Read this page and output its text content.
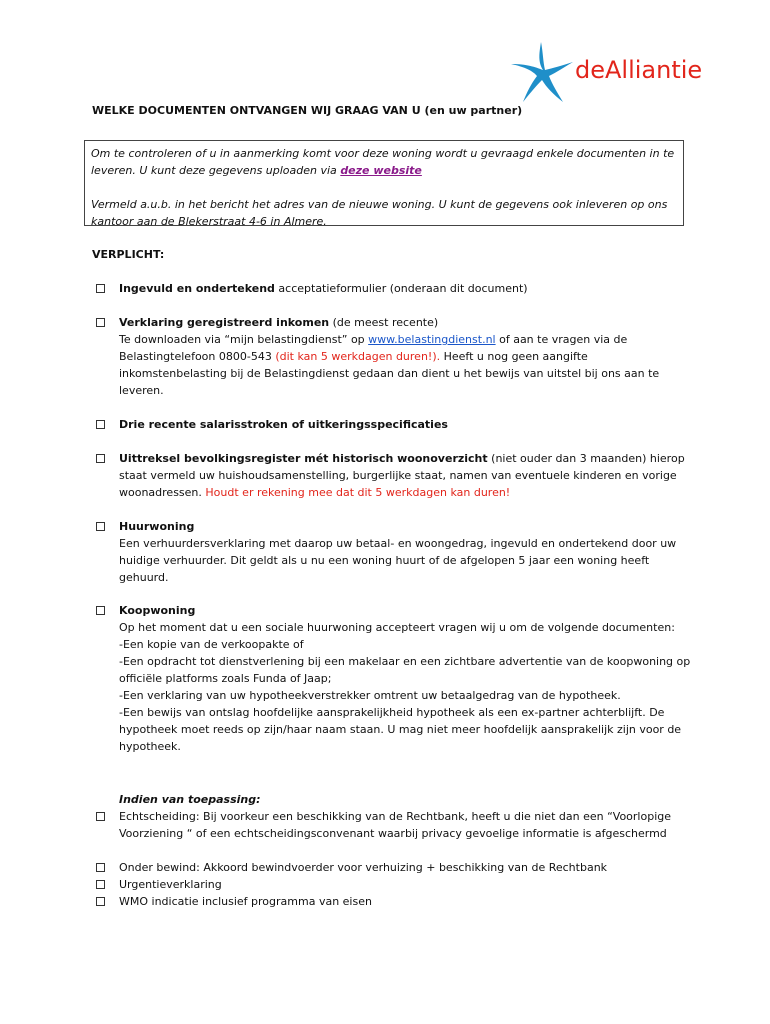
deAlliantie
WELKE DOCUMENTEN ONTVANGEN WIJ GRAAG VAN U (en uw partner)

Om te controleren of u in aanmerking komt voor deze woning wordt u gevraagd enkele documenten in te leveren. U kunt deze gegevens uploaden via deze website

Vermeld a.u.b. in het bericht het adres van de nieuwe woning. U kunt de gegevens ook inleveren op ons kantoor aan de Blekerstraat 4-6 in Almere.

VERPLICHT:
Ingevuld en ondertekend acceptatieformulier (onderaan dit document)
Verklaring geregistreerd inkomen (de meest recente)
Te downloaden via “mijn belastingdienst” op www.belastingdienst.nl of aan te vragen via de Belastingtelefoon 0800-543 (dit kan 5 werkdagen duren!). Heeft u nog geen aangifte inkomstenbelasting bij de Belastingdienst gedaan dan dient u het bewijs van uitstel bij ons aan te leveren.
Drie recente salarisstroken of uitkeringsspecificaties
Uittreksel bevolkingsregister mét historisch woonoverzicht (niet ouder dan 3 maanden) hierop staat vermeld uw huishoudsamenstelling, burgerlijke staat, namen van eventuele kinderen en vorige woonadressen. Houdt er rekening mee dat dit 5 werkdagen kan duren!
Huurwoning
Een verhuurdersverklaring met daarop uw betaal- en woongedrag, ingevuld en ondertekend door uw huidige verhuurder. Dit geldt als u nu een woning huurt of de afgelopen 5 jaar een woning heeft gehuurd.
Koopwoning
Op het moment dat u een sociale huurwoning accepteert vragen wij u om de volgende documenten:
-Een kopie van de verkoopakte of
-Een opdracht tot dienstverlening bij een makelaar en een zichtbare advertentie van de koopwoning op officiële platforms zoals Funda of Jaap;
-Een verklaring van uw hypotheekverstrekker omtrent uw betaalgedrag van de hypotheek.
-Een bewijs van ontslag hoofdelijke aansprakelijkheid hypotheek als een ex-partner achterblijft. De hypotheek moet reeds op zijn/haar naam staan. U mag niet meer hoofdelijk aansprakelijk zijn voor de hypotheek.
Indien van toepassing:
Echtscheiding: Bij voorkeur een beschikking van de Rechtbank, heeft u die niet dan een “Voorlopige Voorziening “ of een echtscheidingsconvenant waarbij privacy gevoelige informatie is afgeschermd
Onder bewind: Akkoord bewindvoerder voor verhuizing + beschikking van de Rechtbank
Urgentieverklaring
WMO indicatie inclusief programma van eisen
